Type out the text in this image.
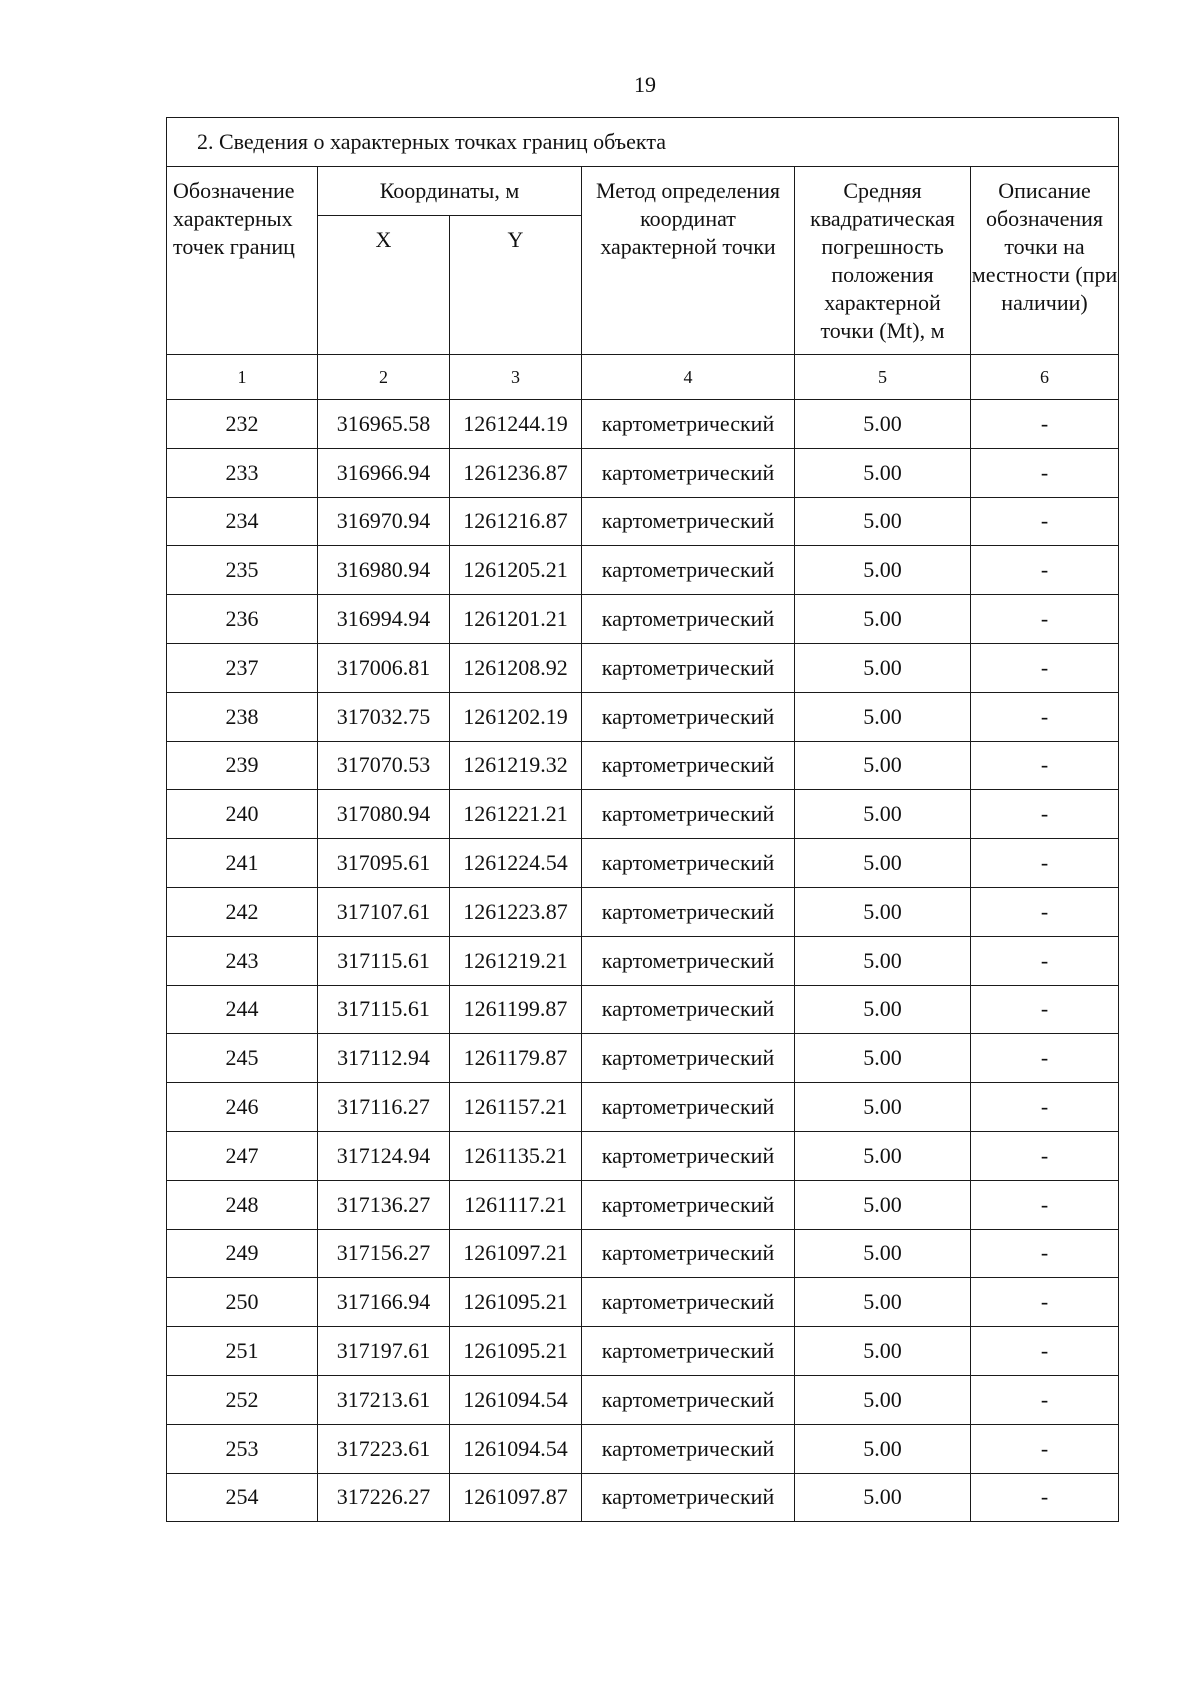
19
2. Сведения о характерных точках границ объекта					
Обозначение характерных точек границ	Координаты, м		Метод определения координат характерной точки	Средняя квадратическая погрешность положения характерной точки (Mt), м	Описание обозначения точки на местности (при наличии)
	X	Y			
1	2	3	4	5	6
232	316965.58	1261244.19	картометрический	5.00	-
233	316966.94	1261236.87	картометрический	5.00	-
234	316970.94	1261216.87	картометрический	5.00	-
235	316980.94	1261205.21	картометрический	5.00	-
236	316994.94	1261201.21	картометрический	5.00	-
237	317006.81	1261208.92	картометрический	5.00	-
238	317032.75	1261202.19	картометрический	5.00	-
239	317070.53	1261219.32	картометрический	5.00	-
240	317080.94	1261221.21	картометрический	5.00	-
241	317095.61	1261224.54	картометрический	5.00	-
242	317107.61	1261223.87	картометрический	5.00	-
243	317115.61	1261219.21	картометрический	5.00	-
244	317115.61	1261199.87	картометрический	5.00	-
245	317112.94	1261179.87	картометрический	5.00	-
246	317116.27	1261157.21	картометрический	5.00	-
247	317124.94	1261135.21	картометрический	5.00	-
248	317136.27	1261117.21	картометрический	5.00	-
249	317156.27	1261097.21	картометрический	5.00	-
250	317166.94	1261095.21	картометрический	5.00	-
251	317197.61	1261095.21	картометрический	5.00	-
252	317213.61	1261094.54	картометрический	5.00	-
253	317223.61	1261094.54	картометрический	5.00	-
254	317226.27	1261097.87	картометрический	5.00	-
